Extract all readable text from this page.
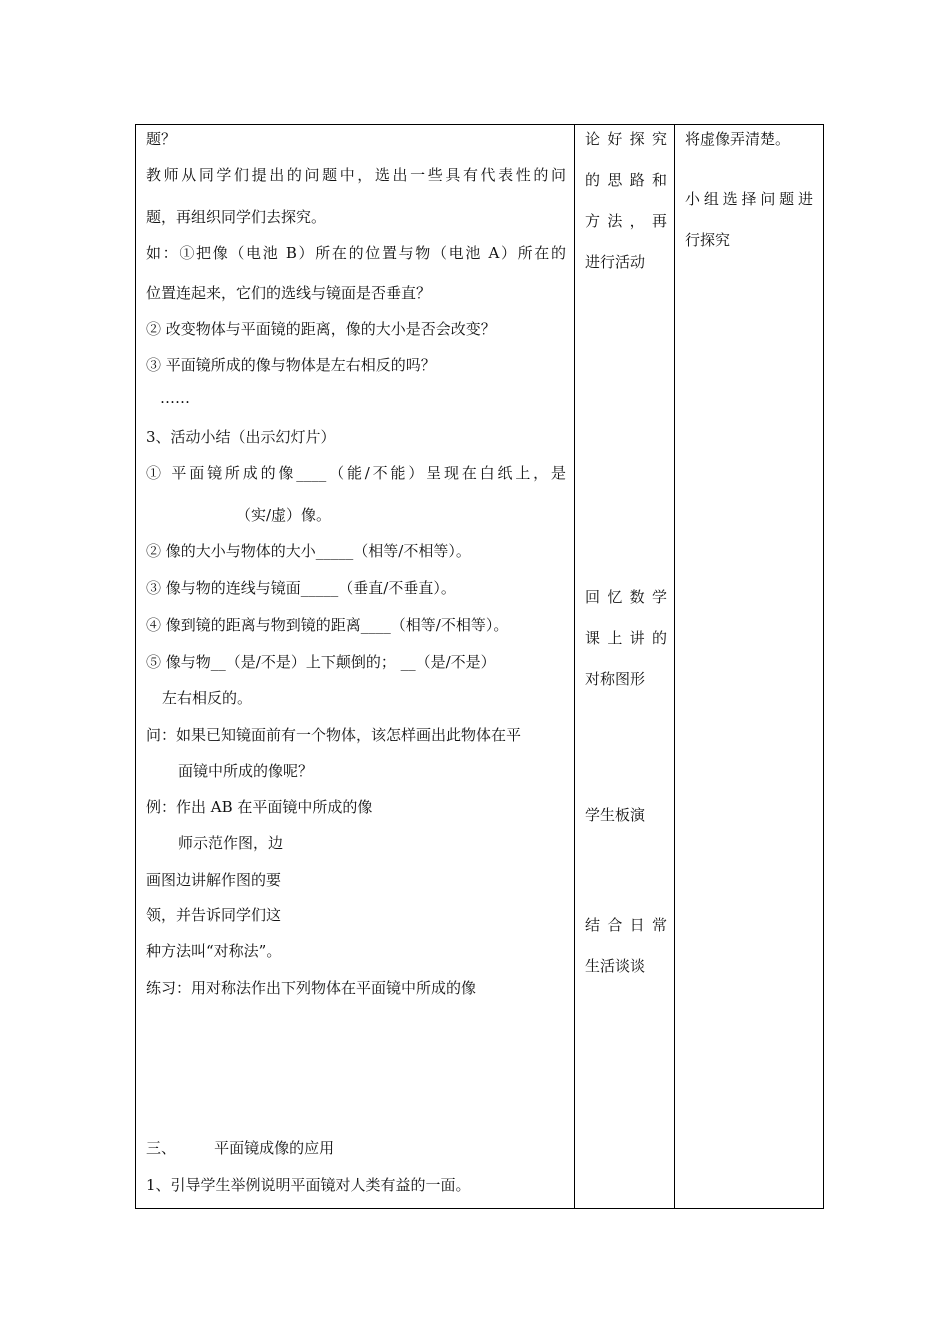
题？
教师从同学们提出的问题中，选出一些具有代表性的问
题，再组织同学们去探究。
如：①把像（电池 B）所在的位置与物（电池 A）所在的
位置连起来，它们的选线与镜面是否垂直？
② 改变物体与平面镜的距离，像的大小是否会改变？
③ 平面镜所成的像与物体是左右相反的吗？
……
3、活动小结（出示幻灯片）
① 平面镜所成的像____（能/不能）呈现在白纸上，是
（实/虚）像。
② 像的大小与物体的大小_____（相等/不相等）。
③ 像与物的连线与镜面_____（垂直/不垂直）。
④ 像到镜的距离与物到镜的距离____（相等/不相等）。
⑤ 像与物__（是/不是）上下颠倒的； __（是/不是）
左右相反的。
问：如果已知镜面前有一个物体，该怎样画出此物体在平
面镜中所成的像呢？
例：作出 AB 在平面镜中所成的像
师示范作图，边
画图边讲解作图的要
领，并告诉同学们这
种方法叫“对称法”。
练习：用对称法作出下列物体在平面镜中所成的像
三、        平面镜成像的应用
1、引导学生举例说明平面镜对人类有益的一面。
论 好 探 究
的 思 路 和
方 法 ， 再
进行活动
回 忆 数 学
课 上 讲 的
对称图形
学生板演
结 合 日 常
生活谈谈
将虚像弄清楚。
小组选择问题进
行探究
